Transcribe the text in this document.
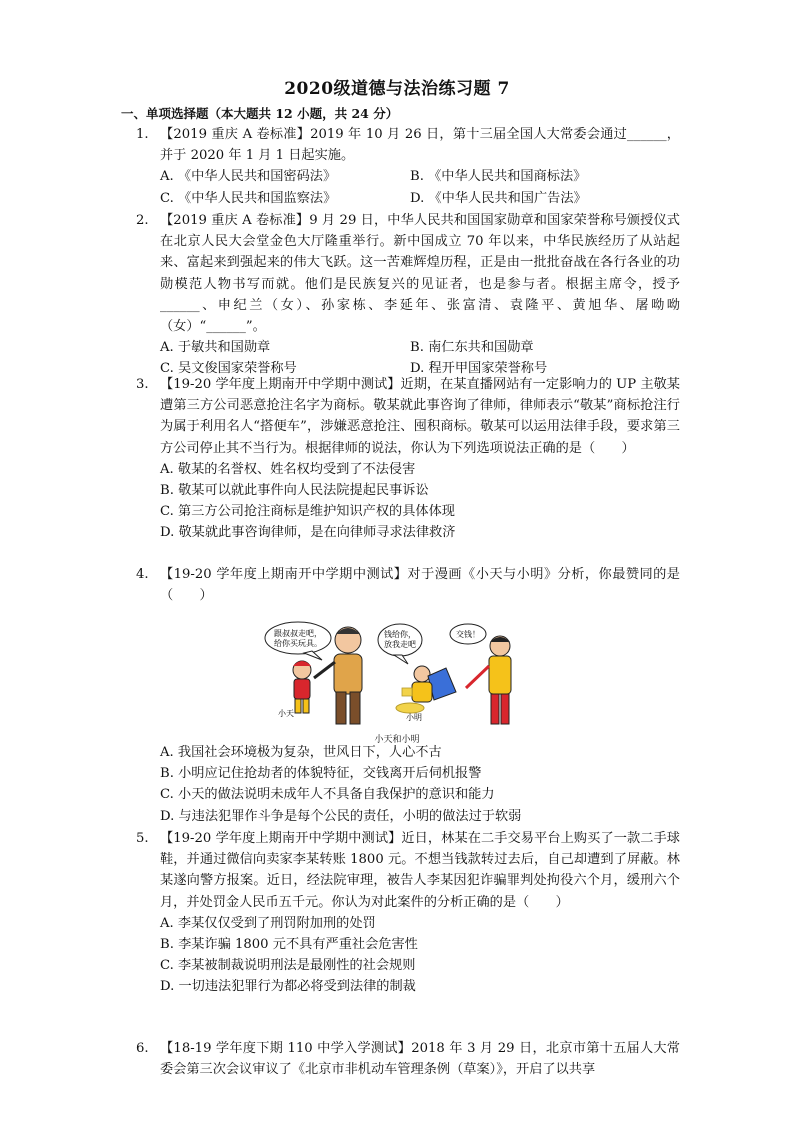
2020级道德与法治练习题 7
一、单项选择题（本大题共 12 小题，共 24 分）
1. 【2019 重庆 A 卷标准】2019 年 10 月 26 日，第十三届全国人大常委会通过______，并于 2020 年 1 月 1 日起实施。
A. 《中华人民共和国密码法》	B. 《中华人民共和国商标法》
C. 《中华人民共和国监察法》	D. 《中华人民共和国广告法》
2. 【2019 重庆 A 卷标准】9 月 29 日，中华人民共和国国家勋章和国家荣誉称号颁授仪式在北京人民大会堂金色大厅隆重举行。新中国成立 70 年以来，中华民族经历了从站起来、富起来到强起来的伟大飞跃。这一苦难辉煌历程，正是由一批批奋战在各行各业的功勋模范人物书写而就。他们是民族复兴的见证者，也是参与者。根据主席令，授予______、申纪兰（女）、孙家栋、李延年、张富清、袁隆平、黄旭华、屠呦呦（女）“______”。
A. 于敏共和国勋章	B. 南仁东共和国勋章
C. 吴文俊国家荣誉称号	D. 程开甲国家荣誉称号
3. 【19-20 学年度上期南开中学期中测试】近期，在某直播网站有一定影响力的 UP 主敬某遭第三方公司恶意抢注名字为商标。敬某就此事咨询了律师，律师表示“敬某”商标抢注行为属于利用名人“搭便车”，涉嫌恶意抢注、囤积商标。敬某可以运用法律手段，要求第三方公司停止其不当行为。根据律师的说法，你认为下列选项说法正确的是（　　）
A. 敬某的名誉权、姓名权均受到了不法侵害
B. 敬某可以就此事件向人民法院提起民事诉讼
C. 第三方公司抢注商标是维护知识产权的具体体现
D. 敬某就此事咨询律师，是在向律师寻求法律救济
4. 【19-20 学年度上期南开中学期中测试】对于漫画《小天与小明》分析，你最赞同的是（　　）
跟叔叔走吧，
给你买玩具。
钱给你，
放我走吧
交钱！
小天	小明
小天和小明
A. 我国社会环境极为复杂，世风日下，人心不古
B. 小明应记住抢劫者的体貌特征，交钱离开后伺机报警
C. 小天的做法说明未成年人不具备自我保护的意识和能力
D. 与违法犯罪作斗争是每个公民的责任，小明的做法过于软弱
5. 【19-20 学年度上期南开中学期中测试】近日，林某在二手交易平台上购买了一款二手球鞋，并通过微信向卖家李某转账 1800 元。不想当钱款转过去后，自己却遭到了屏蔽。林某遂向警方报案。近日，经法院审理，被告人李某因犯诈骗罪判处拘役六个月，缓刑六个月，并处罚金人民币五千元。你认为对此案件的分析正确的是（　　）
A. 李某仅仅受到了刑罚附加刑的处罚
B. 李某诈骗 1800 元不具有严重社会危害性
C. 李某被制裁说明刑法是最刚性的社会规则
D. 一切违法犯罪行为都必将受到法律的制裁
6. 【18-19 学年度下期 110 中学入学测试】2018 年 3 月 29 日，北京市第十五届人大常委会第三次会议审议了《北京市非机动车管理条例（草案）》，开启了以共享
